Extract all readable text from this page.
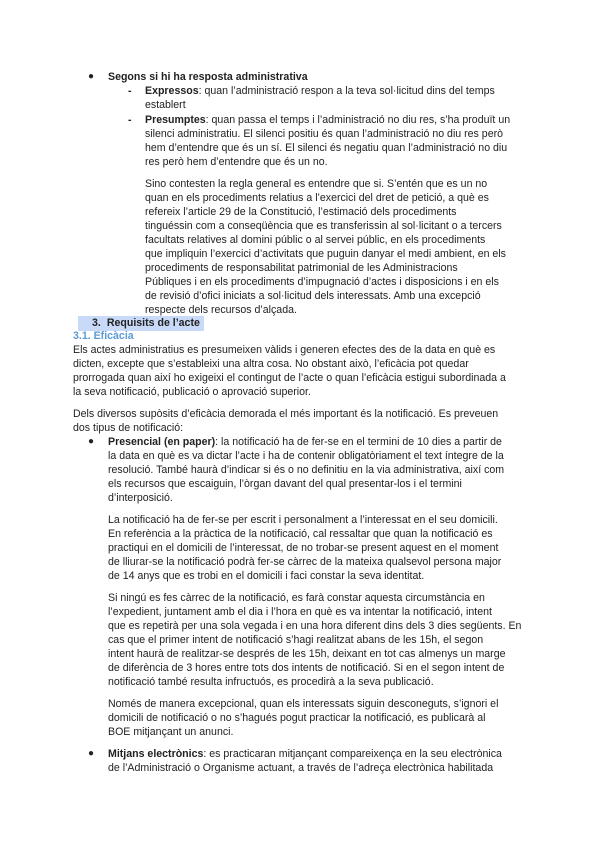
● Segons si hi ha resposta administrativa

- Expressos: quan l’administració respon a la teva sol·licitud dins del temps

establert

- Presumptes: quan passa el temps i l’administració no diu res, s’ha produït un

silenci administratiu. El silenci positiu és quan l’administració no diu res però

hem d’entendre que és un sí. El silenci és negatiu quan l’administració no diu

res però hem d’entendre que és un no.

Sino contesten la regla general es entendre que si. S’entén que es un no

quan en els procediments relatius a l’exercici del dret de petició, a què es

refereix l’article 29 de la Constitució, l’estimació dels procediments

tinguéssin com a conseqüència que es transferissin al sol·licitant o a tercers

facultats relatives al domini públic o al servei públic, en els procediments

que impliquin l’exercici d’activitats que puguin danyar el medi ambient, en els

procediments de responsabilitat patrimonial de les Administracions

Públiques i en els procediments d’impugnació d’actes i disposicions i en els

de revisió d’ofici iniciats a sol·licitud dels interessats. Amb una excepció

respecte dels recursos d’alçada.

3. Requisits de l’acte
3.1. Eficàcia

Els actes administratius es presumeixen vàlids i generen efectes des de la data en què es

dicten, excepte que s’estableixi una altra cosa. No obstant això, l’eficàcia pot quedar

prorrogada quan així ho exigeixi el contingut de l’acte o quan l’eficàcia estigui subordinada a

la seva notificació, publicació o aprovació superior.

Dels diversos supòsits d’eficàcia demorada el més important és la notificació. Es preveuen

dos tipus de notificació:

● Presencial (en paper): la notificació ha de fer-se en el termini de 10 dies a partir de

la data en què es va dictar l’acte i ha de contenir obligatòriament el text íntegre de la

resolució. També haurà d’indicar si és o no definitiu en la via administrativa, així com

els recursos que escaiguin, l’òrgan davant del qual presentar-los i el termini

d’interposició.

La notificació ha de fer-se per escrit i personalment a l’interessat en el seu domicili.

En referència a la pràctica de la notificació, cal ressaltar que quan la notificació es

practiqui en el domicili de l’interessat, de no trobar-se present aquest en el moment

de lliurar-se la notificació podrà fer-se càrrec de la mateixa qualsevol persona major

de 14 anys que es trobi en el domicili i faci constar la seva identitat.

Si ningú es fes càrrec de la notificació, es farà constar aquesta circumstància en

l’expedient, juntament amb el dia i l’hora en què es va intentar la notificació, intent

que es repetirà per una sola vegada i en una hora diferent dins dels 3 dies següents. En

cas que el primer intent de notificació s’hagi realitzat abans de les 15h, el segon

intent haurà de realitzar-se després de les 15h, deixant en tot cas almenys un marge

de diferència de 3 hores entre tots dos intents de notificació. Si en el segon intent de

notificació també resulta infructuós, es procedirà a la seva publicació.

Només de manera excepcional, quan els interessats siguin desconeguts, s’ignori el

domicili de notificació o no s’hagués pogut practicar la notificació, es publicarà al

BOE mitjançant un anunci.

● Mitjans electrònics: es practicaran mitjançant compareixença en la seu electrònica

de l’Administració o Organisme actuant, a través de l’adreça electrònica habilitada
